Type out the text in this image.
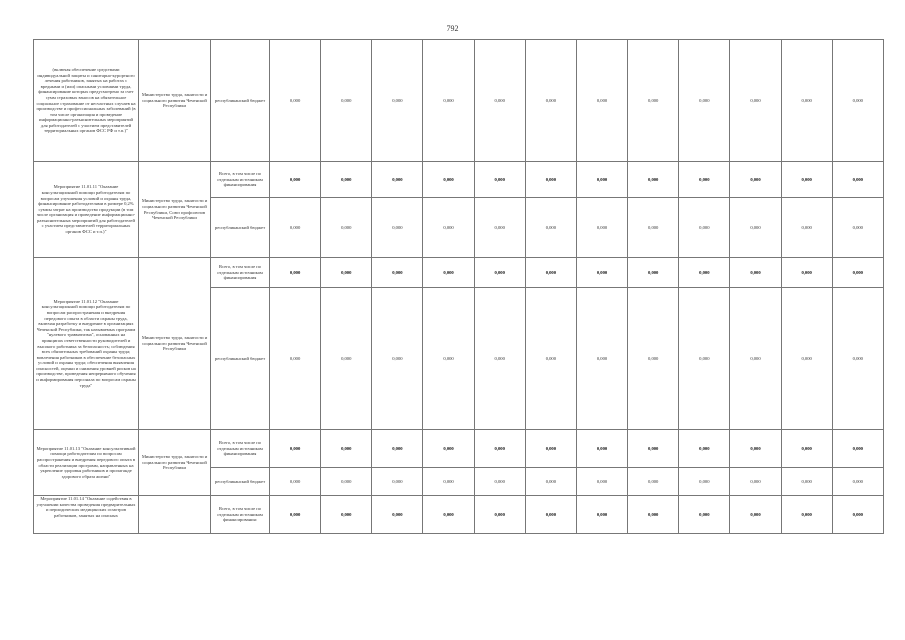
792
(включая обеспечение средствами индивидуальной защиты и санитарно-курортного лечения работников, занятых на работах с вредными и (или) опасными условиями труда, финансирование которых предусмотрено за счет сумм страховых взносов на обязательное социальное страхование от несчастных случаев на производстве и профессиональных заболеваний (в том числе организация и проведение информационно-разъяснительных мероприятий для работодателей с участием представителей территориальных органов ФСС РФ и т.п.)"	Министерство труда, занятости и социального развития Чеченской Республики	республиканский бюджет	0,000	0,000	0,000	0,000	0,000	0,000	0,000	0,000	0,000	0,000	0,000	0,000
Мероприятие 11.01.11 "Оказание консультационной помощи работодателям по вопросам улучшения условий и охраны труда, финансирование работодателями в размере 0,2% суммы затрат на производство продукции (в том числе организация и проведение информационно-разъяснительных мероприятий для работодателей с участием представителей территориальных органов ФСС и т.п.)"	Министерство труда, занятости и социального развития Чеченской Республики, Союз профсоюзов Чеченской Республики	Всего, в том числе по отдельным источникам финансирования	0,000	0,000	0,000	0,000	0,000	0,000	0,000	0,000	0,000	0,000	0,000	0,000
		республиканский бюджет	0,000	0,000	0,000	0,000	0,000	0,000	0,000	0,000	0,000	0,000	0,000	0,000
Мероприятие 11.01.12 "Оказание консультационной помощи работодателям по вопросам распространения и внедрения передового опыта в области охраны труда, включая разработку и внедрение в организациях Чеченской Республики, так называемых программ "нулевого травматизма", основанных на принципах ответственности руководителей и высокого работника за безопасность; соблюдения всех обязательных требований охраны труда; вовлечения работников в обеспечение безопасных условий и охраны труда; обеспечения выявления опасностей, оценки и снижения уровней рисков на производстве, проведения непрерывного обучения и информирования персонала по вопросам охраны труда"	Министерство труда, занятости и социального развития Чеченской Республики	Всего, в том числе по отдельным источникам финансирования	0,000	0,000	0,000	0,000	0,000	0,000	0,000	0,000	0,000	0,000	0,000	0,000
		республиканский бюджет	0,000	0,000	0,000	0,000	0,000	0,000	0,000	0,000	0,000	0,000	0,000	0,000
Мероприятие 11.01.13 "Оказание консультативной помощи работодателям по вопросам распространения и внедрения передового опыта в области реализации программ, направленных на укрепление здоровья работников и пропаганде здорового образа жизни"	Министерство труда, занятости и социального развития Чеченской Республики	Всего, в том числе по отдельным источникам финансирования	0,000	0,000	0,000	0,000	0,000	0,000	0,000	0,000	0,000	0,000	0,000	0,000
		республиканский бюджет	0,000	0,000	0,000	0,000	0,000	0,000	0,000	0,000	0,000	0,000	0,000	0,000
Мероприятие 11.01.14 "Оказание содействия в улучшении качества проведения предварительных и периодических медицинских осмотров работников, занятых на опасных		Всего, в том числе по отдельным источникам финансирования:	0,000	0,000	0,000	0,000	0,000	0,000	0,000	0,000	0,000	0,000	0,000	0,000
